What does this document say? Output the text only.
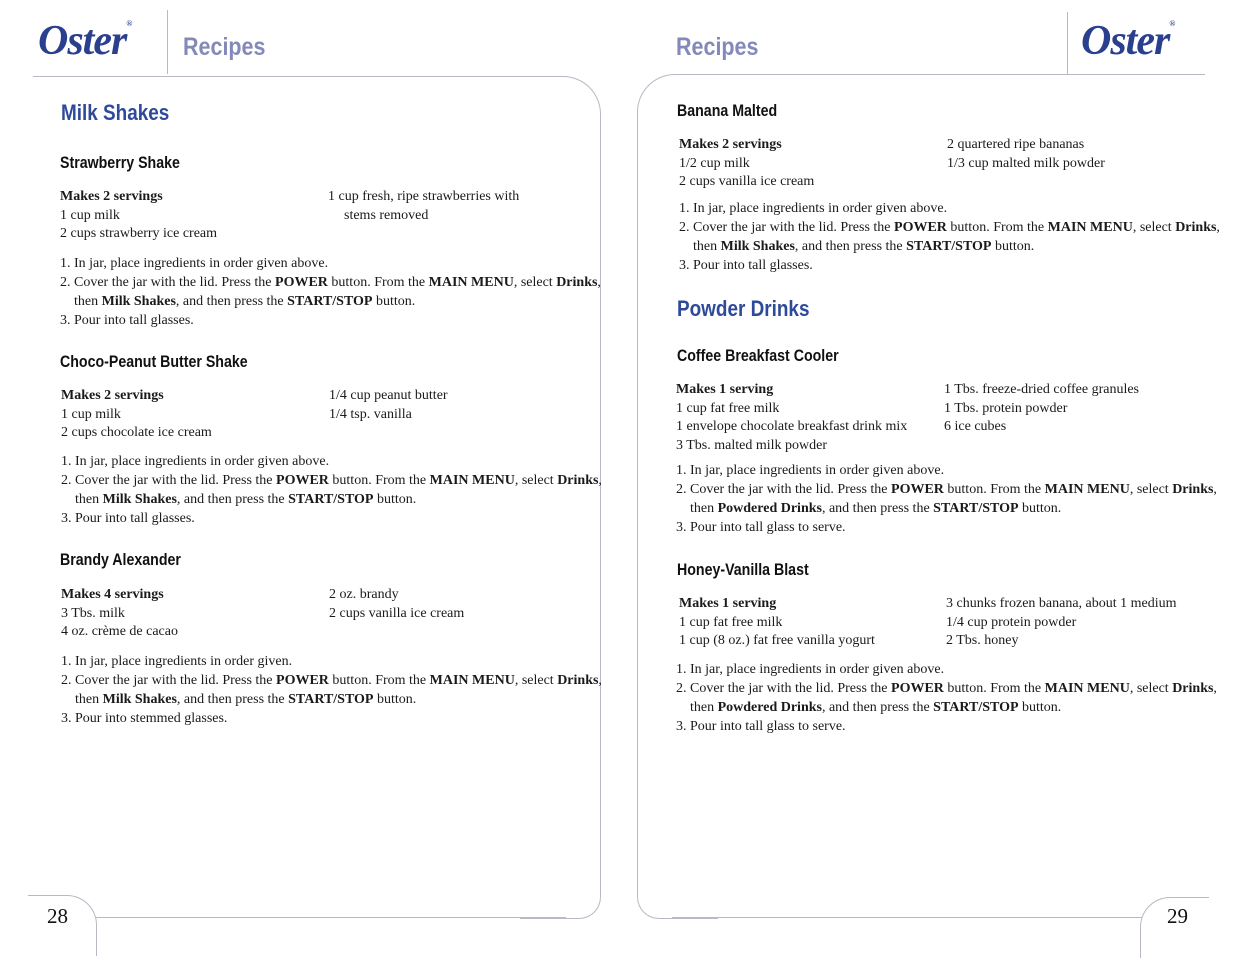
Oster®
Recipes
28
Milk Shakes
Strawberry Shake
Makes 2 servings
1 cup milk
2 cups strawberry ice cream
1 cup fresh, ripe strawberries with
stems removed
1. In jar, place ingredients in order given above.
2. Cover the jar with the lid. Press the POWER button. From the MAIN MENU, select Drinks,
then Milk Shakes, and then press the START/STOP button.
3. Pour into tall glasses.
Choco-Peanut Butter Shake
Makes 2 servings
1 cup milk
2 cups chocolate ice cream
1/4 cup peanut butter
1/4 tsp. vanilla
1. In jar, place ingredients in order given above.
2. Cover the jar with the lid. Press the POWER button. From the MAIN MENU, select Drinks,
then Milk Shakes, and then press the START/STOP button.
3. Pour into tall glasses.
Brandy Alexander
Makes 4 servings
3 Tbs. milk
4 oz. crème de cacao
2 oz. brandy
2 cups vanilla ice cream
1. In jar, place ingredients in order given.
2. Cover the jar with the lid. Press the POWER button. From the MAIN MENU, select Drinks,
then Milk Shakes, and then press the START/STOP button.
3. Pour into stemmed glasses.
Recipes	Oster®
29
Banana Malted
Makes 2 servings
1/2 cup milk
2 cups vanilla ice cream
2 quartered ripe bananas
1/3 cup malted milk powder
1. In jar, place ingredients in order given above.
2. Cover the jar with the lid. Press the POWER button. From the MAIN MENU, select Drinks,
then Milk Shakes, and then press the START/STOP button.
3. Pour into tall glasses.
Powder Drinks
Coffee Breakfast Cooler
Makes 1 serving
1 cup fat free milk
1 envelope chocolate breakfast drink mix
3 Tbs. malted milk powder
1 Tbs. freeze-dried coffee granules
1 Tbs. protein powder
6 ice cubes
1. In jar, place ingredients in order given above.
2. Cover the jar with the lid. Press the POWER button. From the MAIN MENU, select Drinks,
then Powdered Drinks, and then press the START/STOP button.
3. Pour into tall glass to serve.
Honey-Vanilla Blast
Makes 1 serving
1 cup fat free milk
1 cup (8 oz.) fat free vanilla yogurt
3 chunks frozen banana, about 1 medium
1/4 cup protein powder
2 Tbs. honey
1. In jar, place ingredients in order given above.
2. Cover the jar with the lid. Press the POWER button. From the MAIN MENU, select Drinks,
then Powdered Drinks, and then press the START/STOP button.
3. Pour into tall glass to serve.
